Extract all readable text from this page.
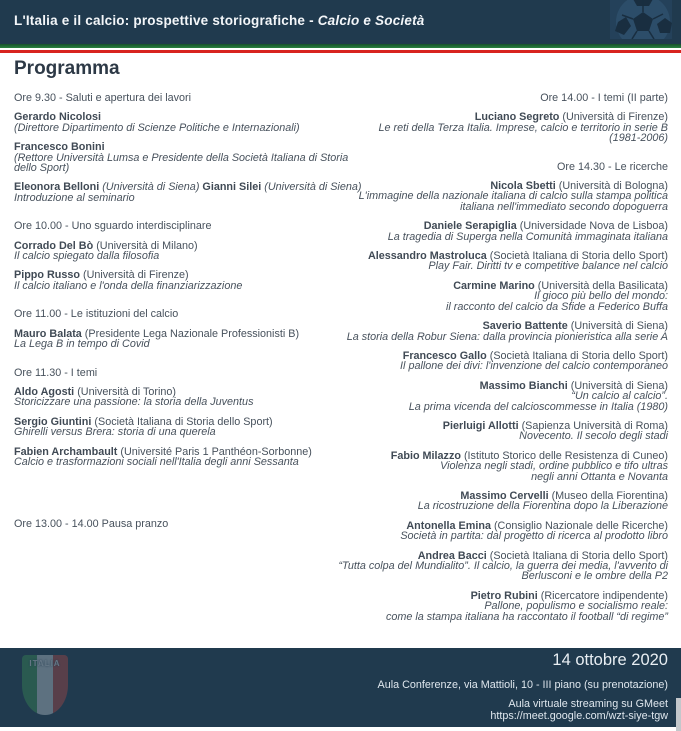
L'Italia e il calcio: prospettive storiografiche - Calcio e Società
Programma
Ore 9.30 - Saluti e apertura dei lavori
Gerardo Nicolosi
(Direttore Dipartimento di Scienze Politiche e Internazionali)
Francesco Bonini
(Rettore Università Lumsa e Presidente della Società Italiana di Storia
dello Sport)
Eleonora Belloni (Università di Siena) Gianni Silei (Università di Siena)
Introduzione al seminario
Ore 10.00 - Uno sguardo interdisciplinare
Corrado Del Bò (Università di Milano)
Il calcio spiegato dalla filosofia
Pippo Russo (Università di Firenze)
Il calcio italiano e l'onda della finanziarizzazione
Ore 11.00 - Le istituzioni del calcio
Mauro Balata (Presidente Lega Nazionale Professionisti B)
La Lega B in tempo di Covid
Ore 11.30 - I temi
Aldo Agosti (Università di Torino)
Storicizzare una passione: la storia della Juventus
Sergio Giuntini (Società Italiana di Storia dello Sport)
Ghirelli versus Brera: storia di una querela
Fabien Archambault (Université Paris 1 Panthéon-Sorbonne)
Calcio e trasformazioni sociali nell'Italia degli anni Sessanta
Ore 13.00 - 14.00 Pausa pranzo
Ore 14.00 - I temi (II parte)
Luciano Segreto (Università di Firenze)
Le reti della Terza Italia. Imprese, calcio e territorio in serie B
(1981-2006)
Ore 14.30 - Le ricerche
Nicola Sbetti (Università di Bologna)
L'immagine della nazionale italiana di calcio sulla stampa politica
italiana nell'immediato secondo dopoguerra
Daniele Serapiglia (Universidade Nova de Lisboa)
La tragedia di Superga nella Comunità immaginata italiana
Alessandro Mastroluca (Società Italiana di Storia dello Sport)
Play Fair. Diritti tv e competitive balance nel calcio
Carmine Marino (Università della Basilicata)
Il gioco più bello del mondo:
il racconto del calcio da Sfide a Federico Buffa
Saverio Battente (Università di Siena)
La storia della Robur Siena: dalla provincia pionieristica alla serie A
Francesco Gallo (Società Italiana di Storia dello Sport)
Il pallone dei divi: l'invenzione del calcio contemporaneo
Massimo Bianchi (Università di Siena)
“Un calcio al calcio”.
La prima vicenda del calcioscommesse in Italia (1980)
Pierluigi Allotti (Sapienza Università di Roma)
Novecento. Il secolo degli stadi
Fabio Milazzo (Istituto Storico delle Resistenza di Cuneo)
Violenza negli stadi, ordine pubblico e tifo ultras
negli anni Ottanta e Novanta
Massimo Cervelli (Museo della Fiorentina)
La ricostruzione della Fiorentina dopo la Liberazione
Antonella Emina (Consiglio Nazionale delle Ricerche)
Società in partita: dal progetto di ricerca al prodotto libro
Andrea Bacci (Società Italiana di Storia dello Sport)
“Tutta colpa del Mundialito”. Il calcio, la guerra dei media, l'avvento di
Berlusconi e le ombre della P2
Pietro Rubini (Ricercatore indipendente)
Pallone, populismo e socialismo reale:
come la stampa italiana ha raccontato il football “di regime”
ITALIA	14 ottobre 2020
Aula Conferenze, via Mattioli, 10 - III piano (su prenotazione)
Aula virtuale streaming su GMeet
https://meet.google.com/wzt-siye-tgw
